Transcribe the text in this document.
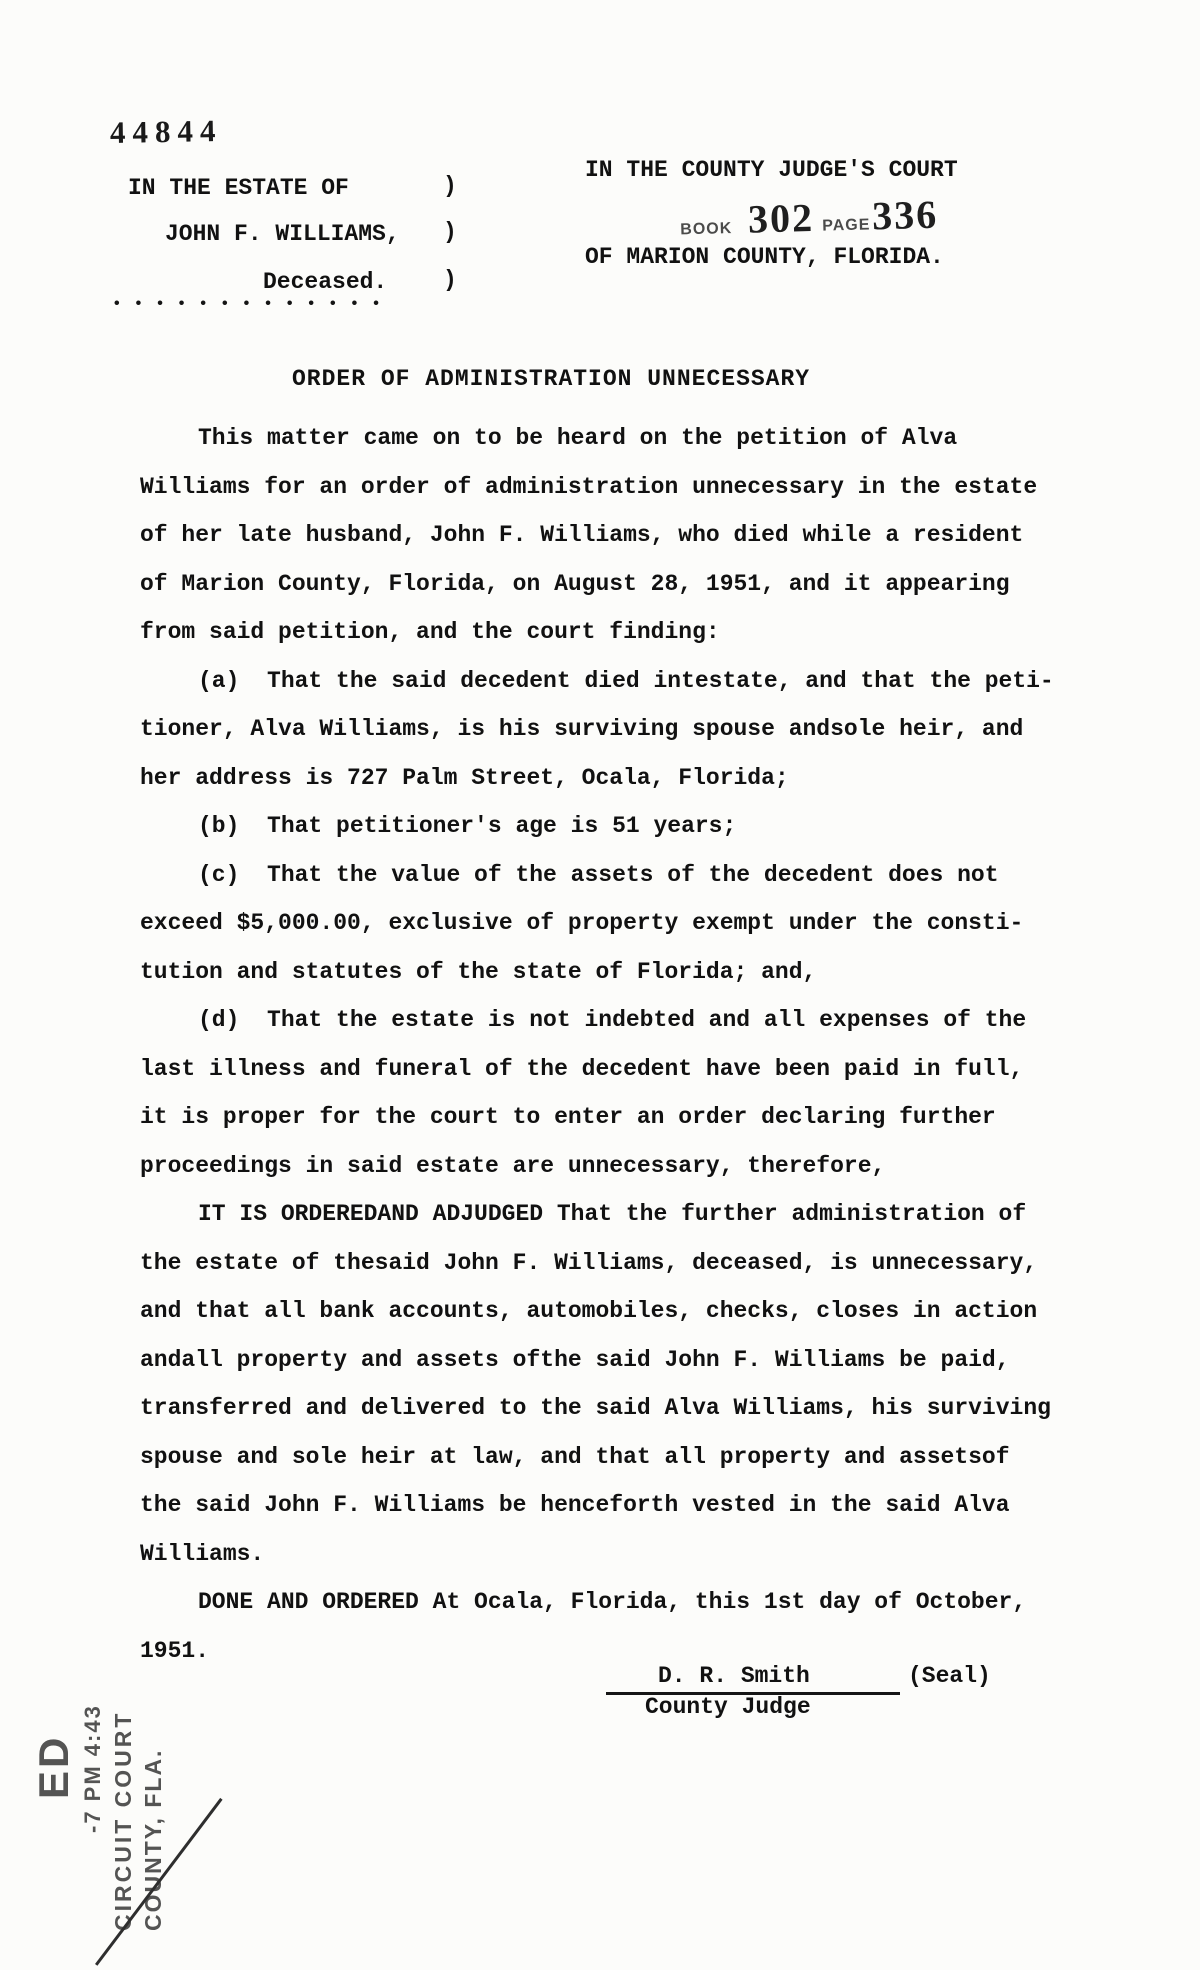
44844

IN THE COUNTY JUDGE'S COURT

OF MARION COUNTY, FLORIDA.

IN THE ESTATE OF
JOHN F. WILLIAMS,
Deceased.
)
)
)
BOOK 302 PAGE 336
•••••••••••••
ORDER OF ADMINISTRATION UNNECESSARY
This matter came on to be heard on the petition of Alva
Williams for an order of administration unnecessary in the estate
of her late husband, John F. Williams, who died while a resident
of Marion County, Florida, on August 28, 1951, and it appearing
from said petition, and the court finding:
(a)  That the said decedent died intestate, and that the peti-
tioner, Alva Williams, is his surviving spouse andsole heir, and
her address is 727 Palm Street, Ocala, Florida;
(b)  That petitioner's age is 51 years;
(c)  That the value of the assets of the decedent does not
exceed $5,000.00, exclusive of property exempt under the consti-
tution and statutes of the state of Florida; and,
(d)  That the estate is not indebted and all expenses of the
last illness and funeral of the decedent have been paid in full,
it is proper for the court to enter an order declaring further
proceedings in said estate are unnecessary, therefore,
IT IS ORDEREDAND ADJUDGED That the further administration of
the estate of thesaid John F. Williams, deceased, is unnecessary,
and that all bank accounts, automobiles, checks, closes in action
andall property and assets ofthe said John F. Williams be paid,
transferred and delivered to the said Alva Williams, his surviving
spouse and sole heir at law, and that all property and assetsof
the said John F. Williams be henceforth vested in the said Alva
Williams.
DONE AND ORDERED At Ocala, Florida, this 1st day of October,
1951.
D. R. Smith	(Seal)
County Judge
ED -7 PM 4:43 CIRCUIT COURT COUNTY, FLA.
